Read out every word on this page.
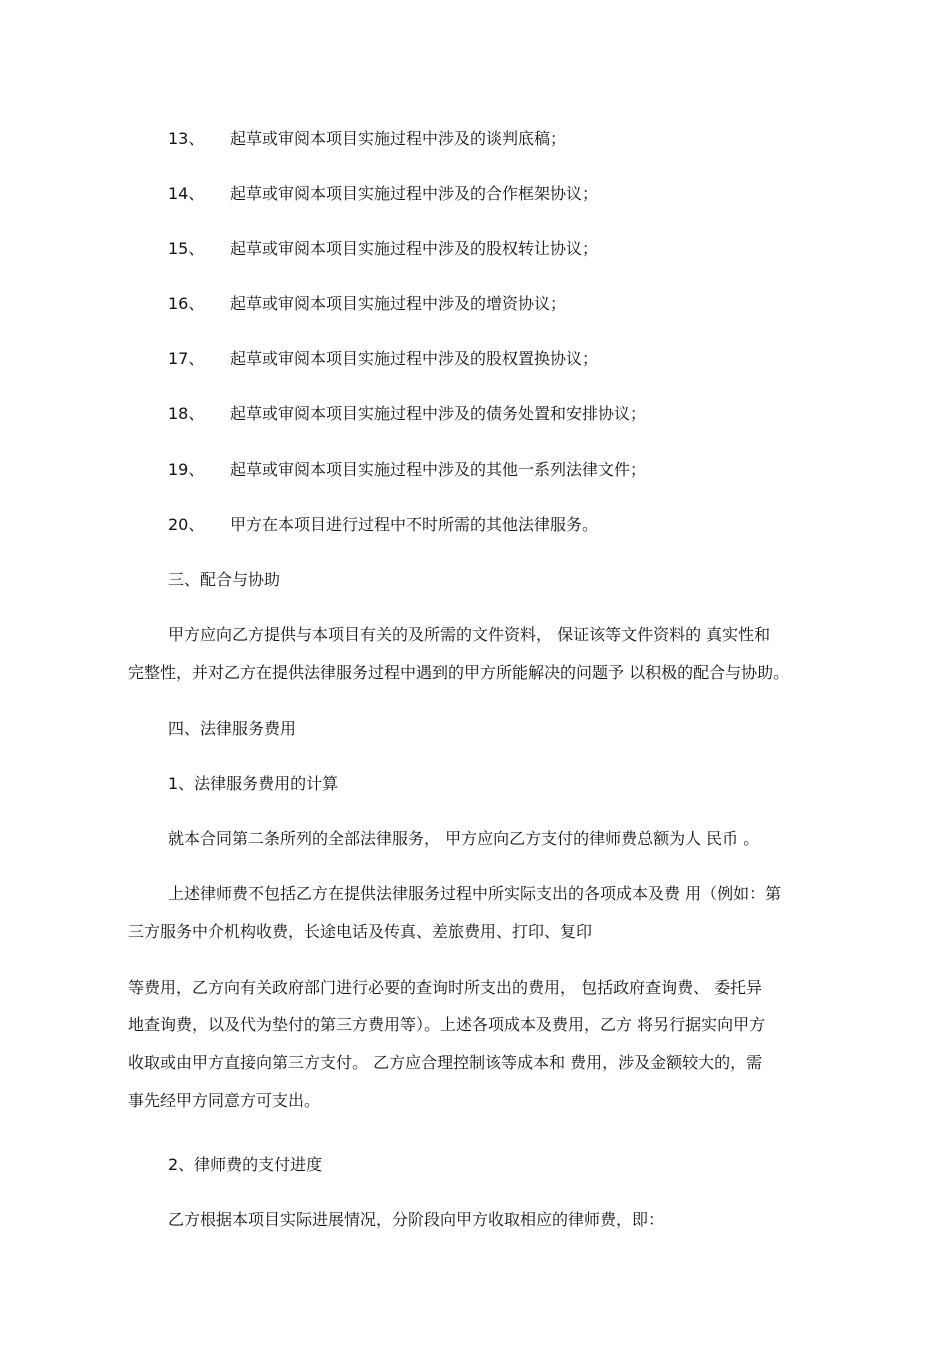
13、 起草或审阅本项目实施过程中涉及的谈判底稿；
14、 起草或审阅本项目实施过程中涉及的合作框架协议；
15、 起草或审阅本项目实施过程中涉及的股权转让协议；
16、 起草或审阅本项目实施过程中涉及的增资协议；
17、 起草或审阅本项目实施过程中涉及的股权置换协议；
18、 起草或审阅本项目实施过程中涉及的债务处置和安排协议；
19、 起草或审阅本项目实施过程中涉及的其他一系列法律文件；
20、 甲方在本项目进行过程中不时所需的其他法律服务。
三、配合与协助
甲方应向乙方提供与本项目有关的及所需的文件资料， 保证该等文件资料的 真实性和
完整性，并对乙方在提供法律服务过程中遇到的甲方所能解决的问题予 以积极的配合与协助。
四、法律服务费用
1、法律服务费用的计算
就本合同第二条所列的全部法律服务， 甲方应向乙方支付的律师费总额为人 民币 。
上述律师费不包括乙方在提供法律服务过程中所实际支出的各项成本及费 用（例如：第
三方服务中介机构收费，长途电话及传真、差旅费用、打印、复印
等费用，乙方向有关政府部门进行必要的查询时所支出的费用， 包括政府查询费、 委托异
地查询费，以及代为垫付的第三方费用等）。上述各项成本及费用，乙方 将另行据实向甲方
收取或由甲方直接向第三方支付。 乙方应合理控制该等成本和 费用，涉及金额较大的，需
事先经甲方同意方可支出。
2、律师费的支付进度
乙方根据本项目实际进展情况，分阶段向甲方收取相应的律师费，即：
